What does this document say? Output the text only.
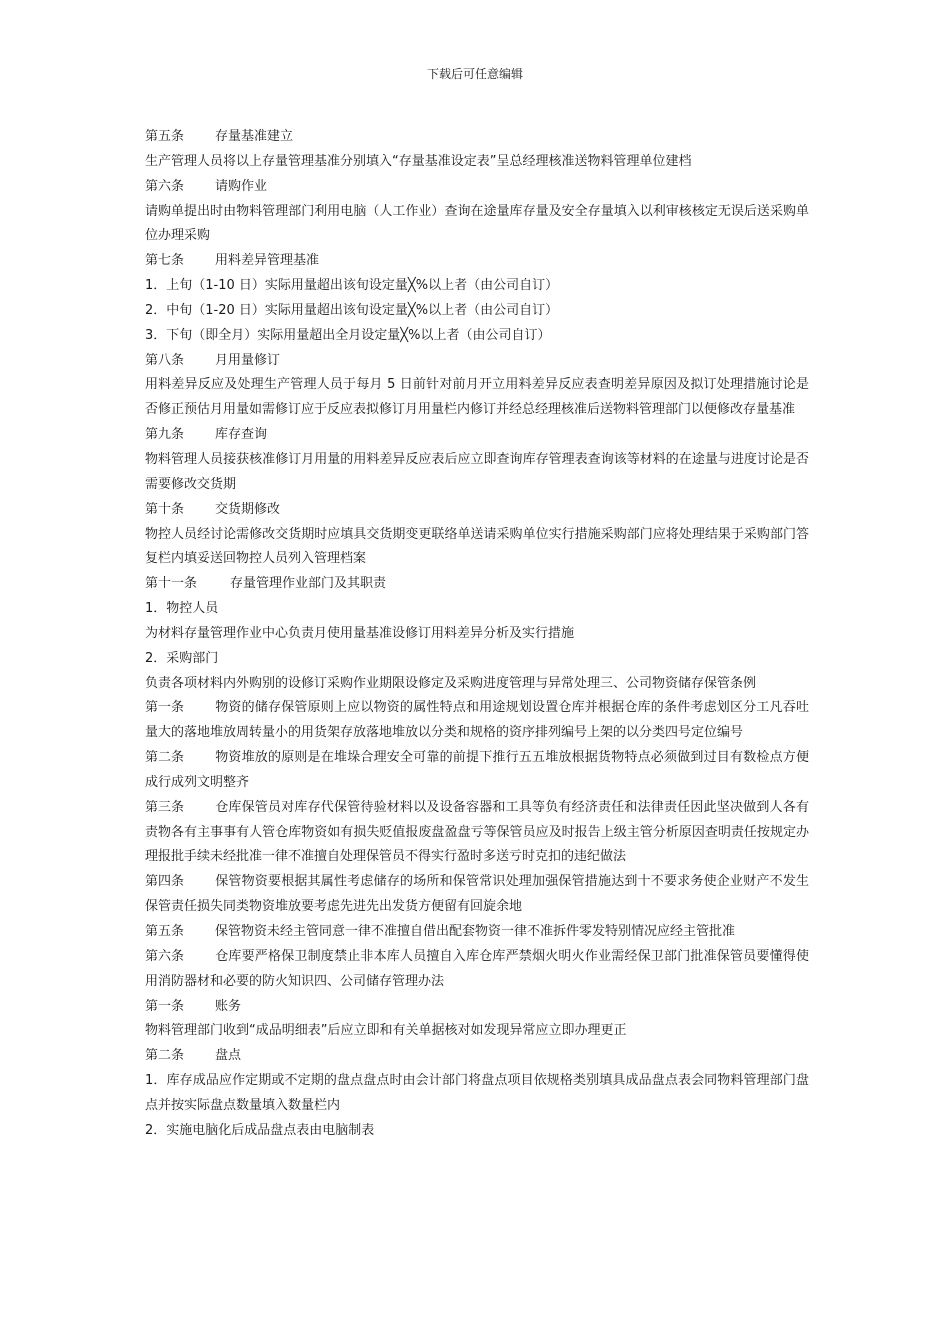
下载后可任意编辑
第五条 存量基准建立
生产管理人员将以上存量管理基准分别填入“存量基准设定表”呈总经理核准送物料管理单位建档
第六条 请购作业
请购单提出时由物料管理部门利用电脑（人工作业）查询在途量库存量及安全存量填入以利审核核定无误后送采购单位办理采购
第七条 用料差异管理基准
1．上旬（1-10 日）实际用量超出该旬设定量╳%以上者（由公司自订）
2．中旬（1-20 日）实际用量超出该旬设定量╳%以上者（由公司自订）
3．下旬（即全月）实际用量超出全月设定量╳%以上者（由公司自订）
第八条 月用量修订
用料差异反应及处理生产管理人员于每月 5 日前针对前月开立用料差异反应表查明差异原因及拟订处理措施讨论是否修正预估月用量如需修订应于反应表拟修订月用量栏内修订并经总经理核准后送物料管理部门以便修改存量基准
第九条 库存查询
物料管理人员接获核准修订月用量的用料差异反应表后应立即查询库存管理表查询该等材料的在途量与进度讨论是否需要修改交货期
第十条 交货期修改
物控人员经讨论需修改交货期时应填具交货期变更联络单送请采购单位实行措施采购部门应将处理结果于采购部门答复栏内填妥送回物控人员列入管理档案
第十一条	存量管理作业部门及其职责
1．物控人员
为材料存量管理作业中心负责月使用量基准设修订用料差异分析及实行措施
2．采购部门
负责各项材料内外购别的设修订采购作业期限设修定及采购进度管理与异常处理三、公司物资储存保管条例
第一条 物资的储存保管原则上应以物资的属性特点和用途规划设置仓库并根据仓库的条件考虑划区分工凡吞吐量大的落地堆放周转量小的用货架存放落地堆放以分类和规格的资序排列编号上架的以分类四号定位编号
第二条 物资堆放的原则是在堆垛合理安全可靠的前提下推行五五堆放根据货物特点必须做到过目有数检点方便成行成列文明整齐
第三条 仓库保管员对库存代保管待验材料以及设备容器和工具等负有经济责任和法律责任因此坚决做到人各有责物各有主事事有人管仓库物资如有损失贬值报废盘盈盘亏等保管员应及时报告上级主管分析原因查明责任按规定办理报批手续未经批准一律不准擅自处理保管员不得实行盈时多送亏时克扣的违纪做法
第四条 保管物资要根据其属性考虑储存的场所和保管常识处理加强保管措施达到十不要求务使企业财产不发生保管责任损失同类物资堆放要考虑先进先出发货方便留有回旋余地
第五条 保管物资未经主管同意一律不准擅自借出配套物资一律不准拆件零发特别情况应经主管批准
第六条 仓库要严格保卫制度禁止非本库人员擅自入库仓库严禁烟火明火作业需经保卫部门批准保管员要懂得使用消防器材和必要的防火知识四、公司储存管理办法
第一条 账务
物料管理部门收到“成品明细表”后应立即和有关单据核对如发现异常应立即办理更正
第二条 盘点
1．库存成品应作定期或不定期的盘点盘点时由会计部门将盘点项目依规格类别填具成品盘点表会同物料管理部门盘点并按实际盘点数量填入数量栏内
2．实施电脑化后成品盘点表由电脑制表
